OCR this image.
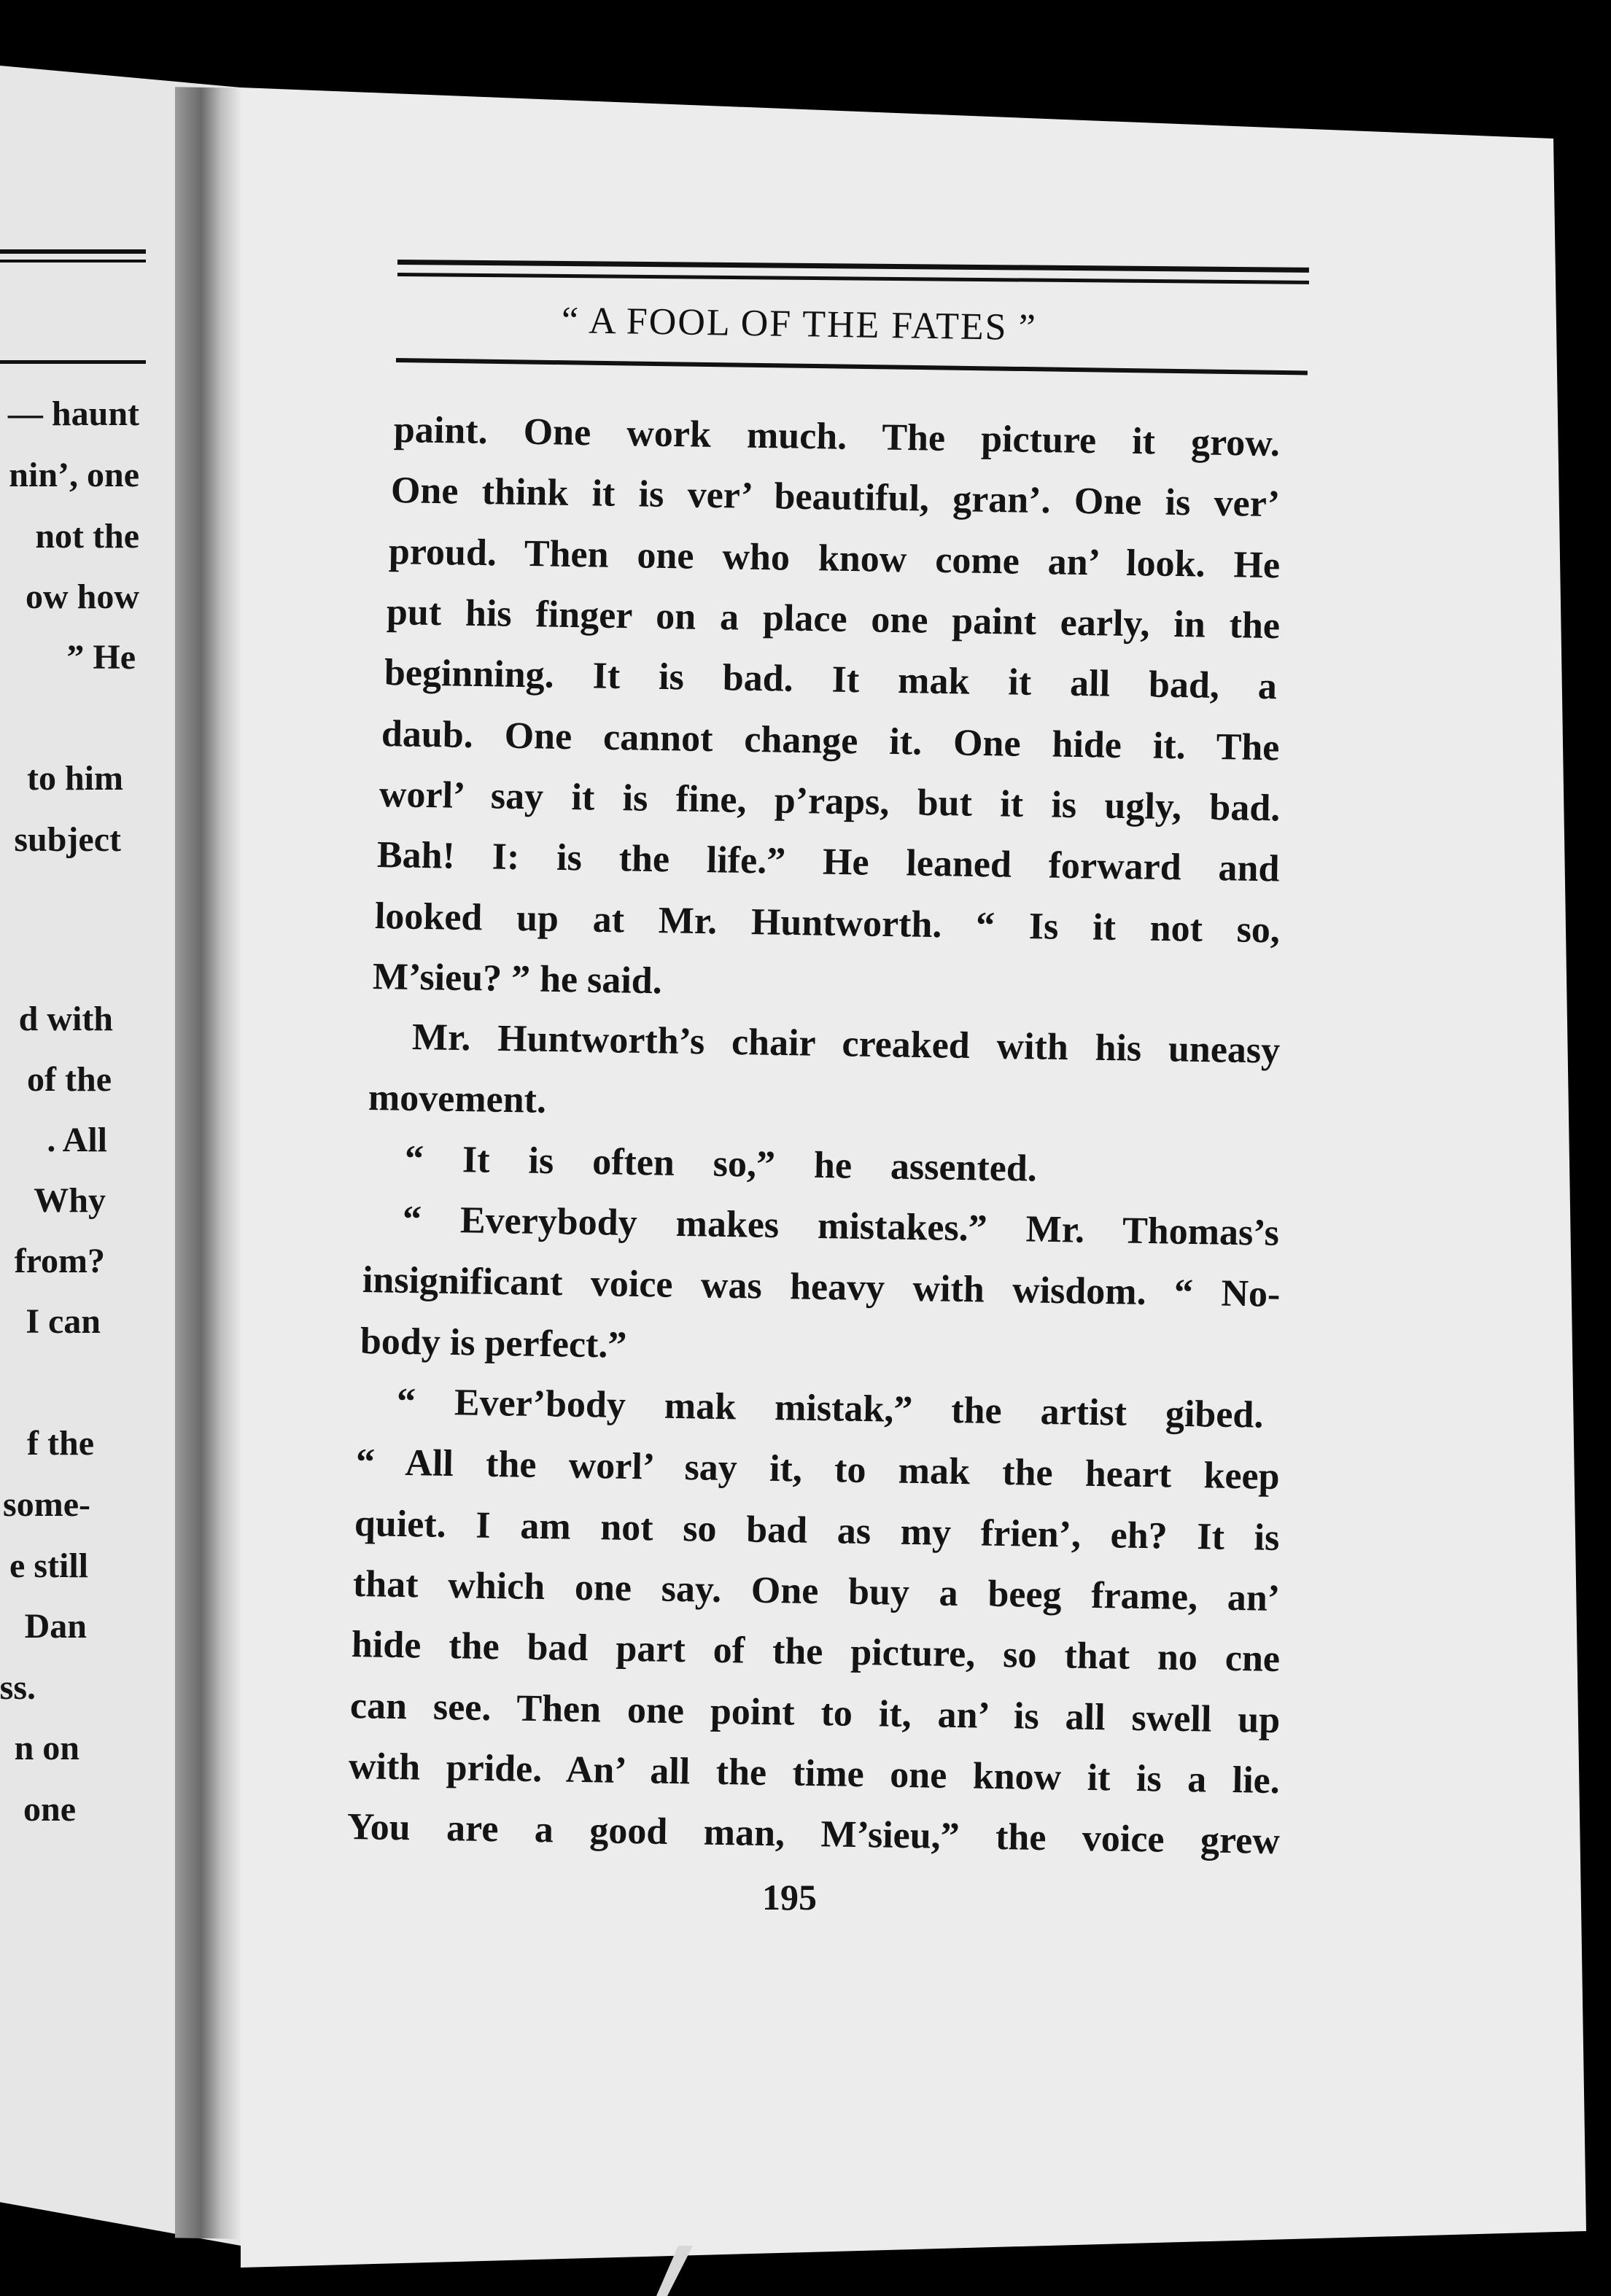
— haunt
nin’, one
not the
ow how
” He
to him
subject
d with
of the
. All
Why
from?
I can
f the
some-
e still
Dan
ss.
n on
one
“ A FOOL OF THE FATES ”
paint. One work much. The picture it grow.
One think it is ver’ beautiful, gran’. One is ver’
proud. Then one who know come an’ look. He
put his finger on a place one paint early, in the
beginning. It is bad. It mak it all bad, a
daub. One cannot change it. One hide it. The
worl’ say it is fine, p’raps, but it is ugly, bad.
Bah! I: is the life.” He leaned forward and
looked up at Mr. Huntworth. “ Is it not so,
M’sieu? ” he said.
Mr. Huntworth’s chair creaked with his uneasy
movement.
“ It is often so,” he assented.
“ Everybody makes mistakes.” Mr. Thomas’s
insignificant voice was heavy with wisdom. “ No-
body is perfect.”
“ Ever’body mak mistak,” the artist gibed.
“ All the worl’ say it, to mak the heart keep
quiet. I am not so bad as my frien’, eh? It is
that which one say. One buy a beeg frame, an’
hide the bad part of the picture, so that no cne
can see. Then one point to it, an’ is all swell up
with pride. An’ all the time one know it is a lie.
You are a good man, M’sieu,” the voice grew
195
